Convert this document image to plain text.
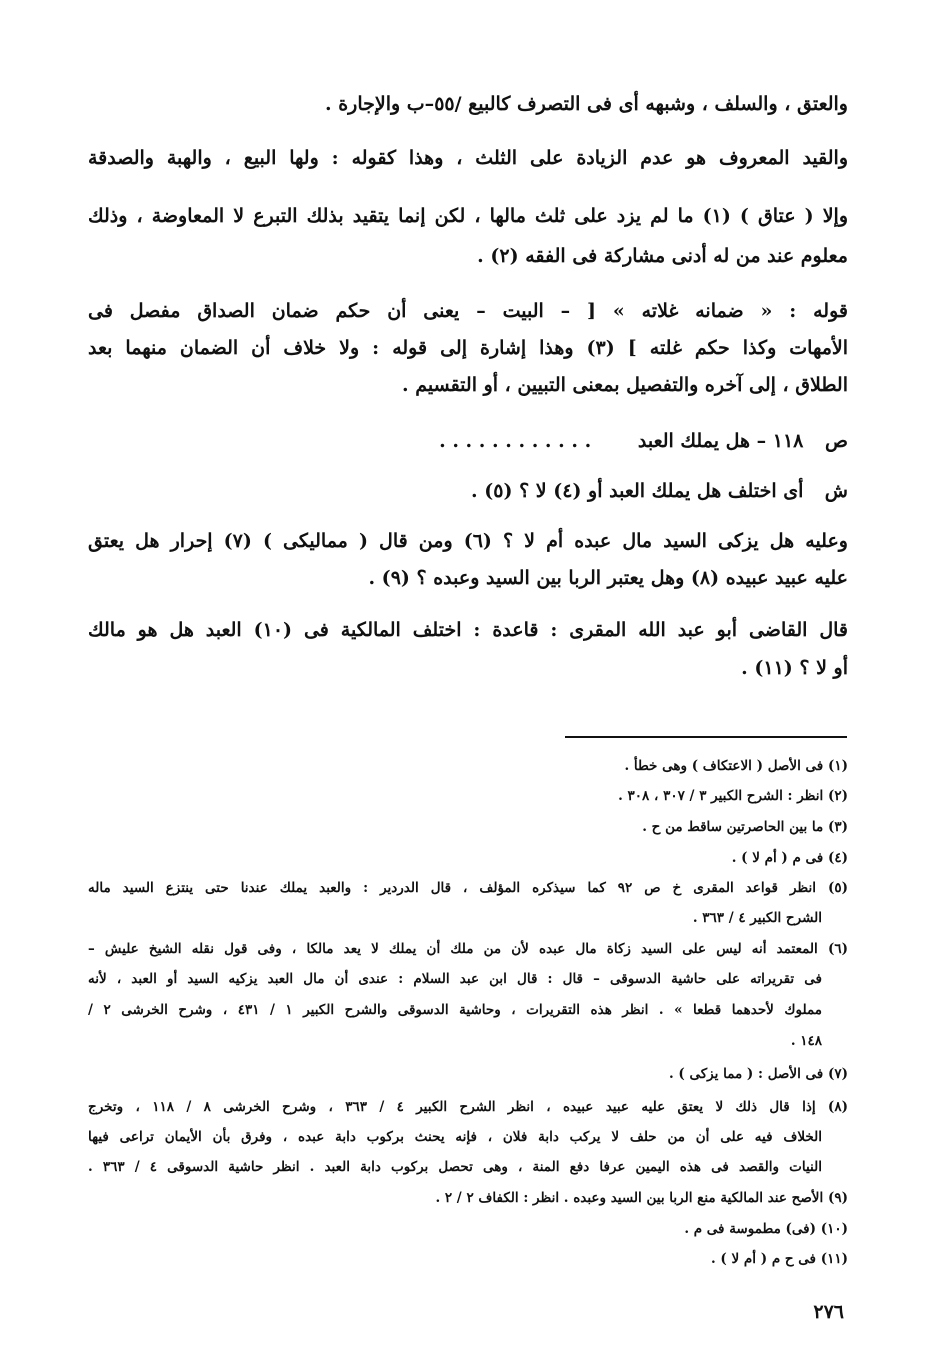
والعتق ، والسلف ، وشبهه أى فى التصرف كالبيع /٥٥–ب والإجارة .
والقيد المعروف هو عدم الزيادة على الثلث ، وهذا كقوله : ولها البيع ، والهبة والصدقة
وإلا ( عتاق ) (١) ما لم يزد على ثلث مالها ، لكن إنما يتقيد بذلك التبرع لا المعاوضة ، وذلك
معلوم عند من له أدنى مشاركة فى الفقه (٢) .
قوله : « ضمانه غلاته » [ – البيت – يعنى أن حكم ضمان الصداق مفصل فى
الأمهات وكذا حكم غلته ] (٣) وهذا إشارة إلى قوله : ولا خلاف أن الضمان منهما بعد
الطلاق ، إلى آخره والتفصيل بمعنى التبيين ، أو التقسيم .
ص ١١٨ – هل يملك العبد . . . . . . . . . . . .
ش أى اختلف هل يملك العبد أو (٤) لا ؟ (٥) .
وعليه هل يزكى السيد مال عبده أم لا ؟ (٦) ومن قال ( مماليكى ) (٧) إحرار هل يعتق
عليه عبيد عبيده (٨) وهل يعتبر الربا بين السيد وعبده ؟ (٩) .
قال القاضى أبو عبد الله المقرى : قاعدة : اختلف المالكية فى (١٠) العبد هل هو مالك
أو لا ؟ (١١) .
(١) فى الأصل ( الاعتكاف ) وهى خطأ .
(٢) انظر : الشرح الكبير ٣ / ٣٠٧ ، ٣٠٨ .
(٣) ما بين الحاصرتين ساقط من ح .
(٤) فى م ( أم لا ) .
(٥) انظر قواعد المقرى خ ص ٩٢ كما سيذكره المؤلف ، قال الدردير : والعبد يملك عندنا حتى ينتزع السيد ماله
الشرح الكبير ٤ / ٣٦٣ .
(٦) المعتمد أنه ليس على السيد زكاة مال عبده لأن من ملك أن يملك لا يعد مالكا ، وفى قول نقله الشيخ عليش –
فى تقريراته على حاشية الدسوقى – قال : قال ابن عبد السلام : عندى أن مال العبد يزكيه السيد أو العبد ، لأنه
مملوك لأحدهما قطعا » . انظر هذه التقريرات ، وحاشية الدسوقى والشرح الكبير ١ / ٤٣١ ، وشرح الخرشى ٢ /
١٤٨ .
(٧) فى الأصل : ( مما يزكى ) .
(٨) إذا قال ذلك لا يعتق عليه عبيد عبيده ، انظر الشرح الكبير ٤ / ٣٦٣ ، وشرح الخرشى ٨ / ١١٨ ، وتخرج
الخلاف فيه على أن من حلف لا يركب دابة فلان ، فإنه يحنث بركوب دابة عبده ، وفرق بأن الأيمان تراعى فيها
النيات والقصد فى هذه اليمين عرفا دفع المنة ، وهى تحصل بركوب دابة العبد . انظر حاشية الدسوقى ٤ / ٣٦٣ .
(٩) الأصح عند المالكية منع الربا بين السيد وعبده . انظر : الكفاف ٢ / ٢ .
(١٠) (فى) مطموسة فى م .
(١١) فى ح م ( أم لا ) .
٢٧٦
